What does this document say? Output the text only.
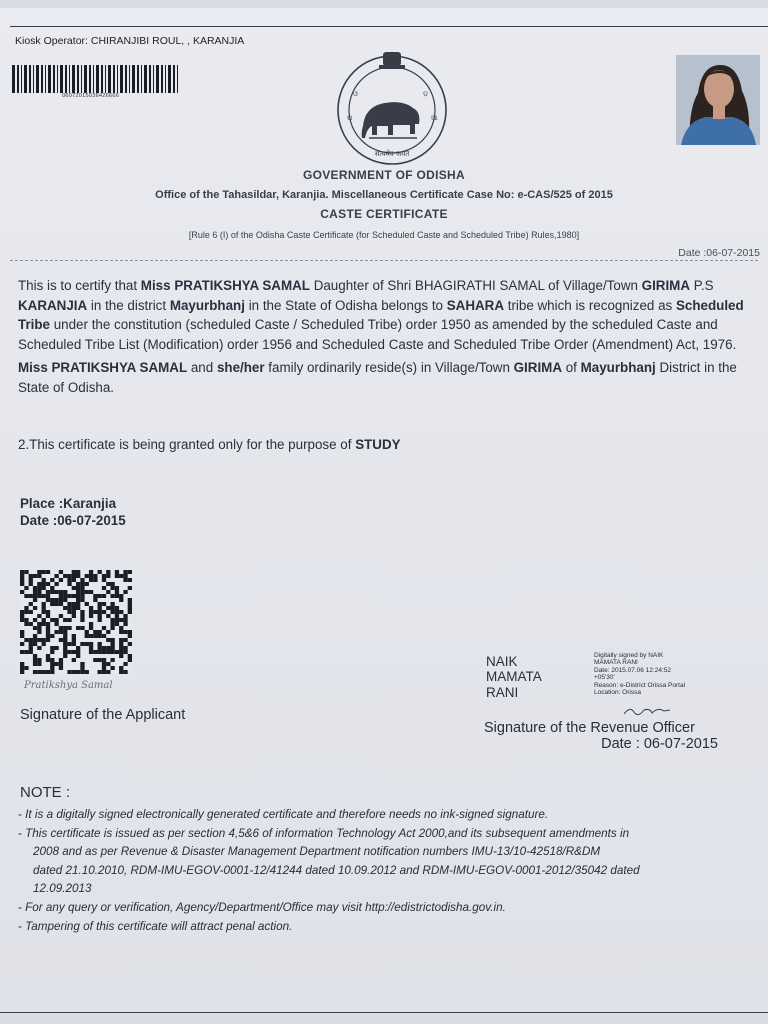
Kiosk Operator: CHIRANJIBI ROUL, , KARANJIA
06072015036426666	ଓ	ଡ଼
ଶ	ଆ
सत्यमेव जयते
GOVERNMENT OF ODISHA
Office of the Tahasildar, Karanjia. Miscellaneous Certificate Case No: e-CAS/525 of 2015
CASTE CERTIFICATE
[Rule 6 (I) of the Odisha Caste Certificate (for Scheduled Caste and Scheduled Tribe) Rules,1980]
Date :06-07-2015

This is to certify that Miss PRATIKSHYA SAMAL Daughter of Shri BHAGIRATHI SAMAL of Village/Town GIRIMA P.S KARANJIA in the district Mayurbhanj in the State of Odisha belongs to SAHARA tribe which is recognized as Scheduled Tribe under the constitution (scheduled Caste / Scheduled Tribe) order 1950 as amended by the scheduled Caste and Scheduled Tribe List (Modification) order 1956 and Scheduled Caste and Scheduled Tribe Order (Amendment) Act, 1976.

Miss PRATIKSHYA SAMAL and she/her family ordinarily reside(s) in Village/Town GIRIMA of Mayurbhanj District in the State of Odisha.

2.This certificate is being granted only for the purpose of STUDY
Place :Karanjia
Date :06-07-2015
Pratikshya Samal
Signature of the Applicant
NAIK
MAMATA
RANI
Digitally signed by NAIK
MAMATA RANI
Date: 2015.07.06 12:24:52
+05'30'
Reason: e-District Orissa Portal
Location: Orissa
Signature of the Revenue Officer
Date : 06-07-2015
NOTE :
- It is a digitally signed electronically generated certificate and therefore needs no ink-signed signature.
- This certificate is issued as per section 4,5&6 of information Technology Act 2000,and its subsequent amendments in
2008 and as per Revenue & Disaster Management Department notification numbers IMU-13/10-42518/R&DM
dated 21.10.2010, RDM-IMU-EGOV-0001-12/41244 dated 10.09.2012 and RDM-IMU-EGOV-0001-2012/35042 dated
12.09.2013
- For any query or verification, Agency/Department/Office may visit http://edistrictodisha.gov.in.
- Tampering of this certificate will attract penal action.
